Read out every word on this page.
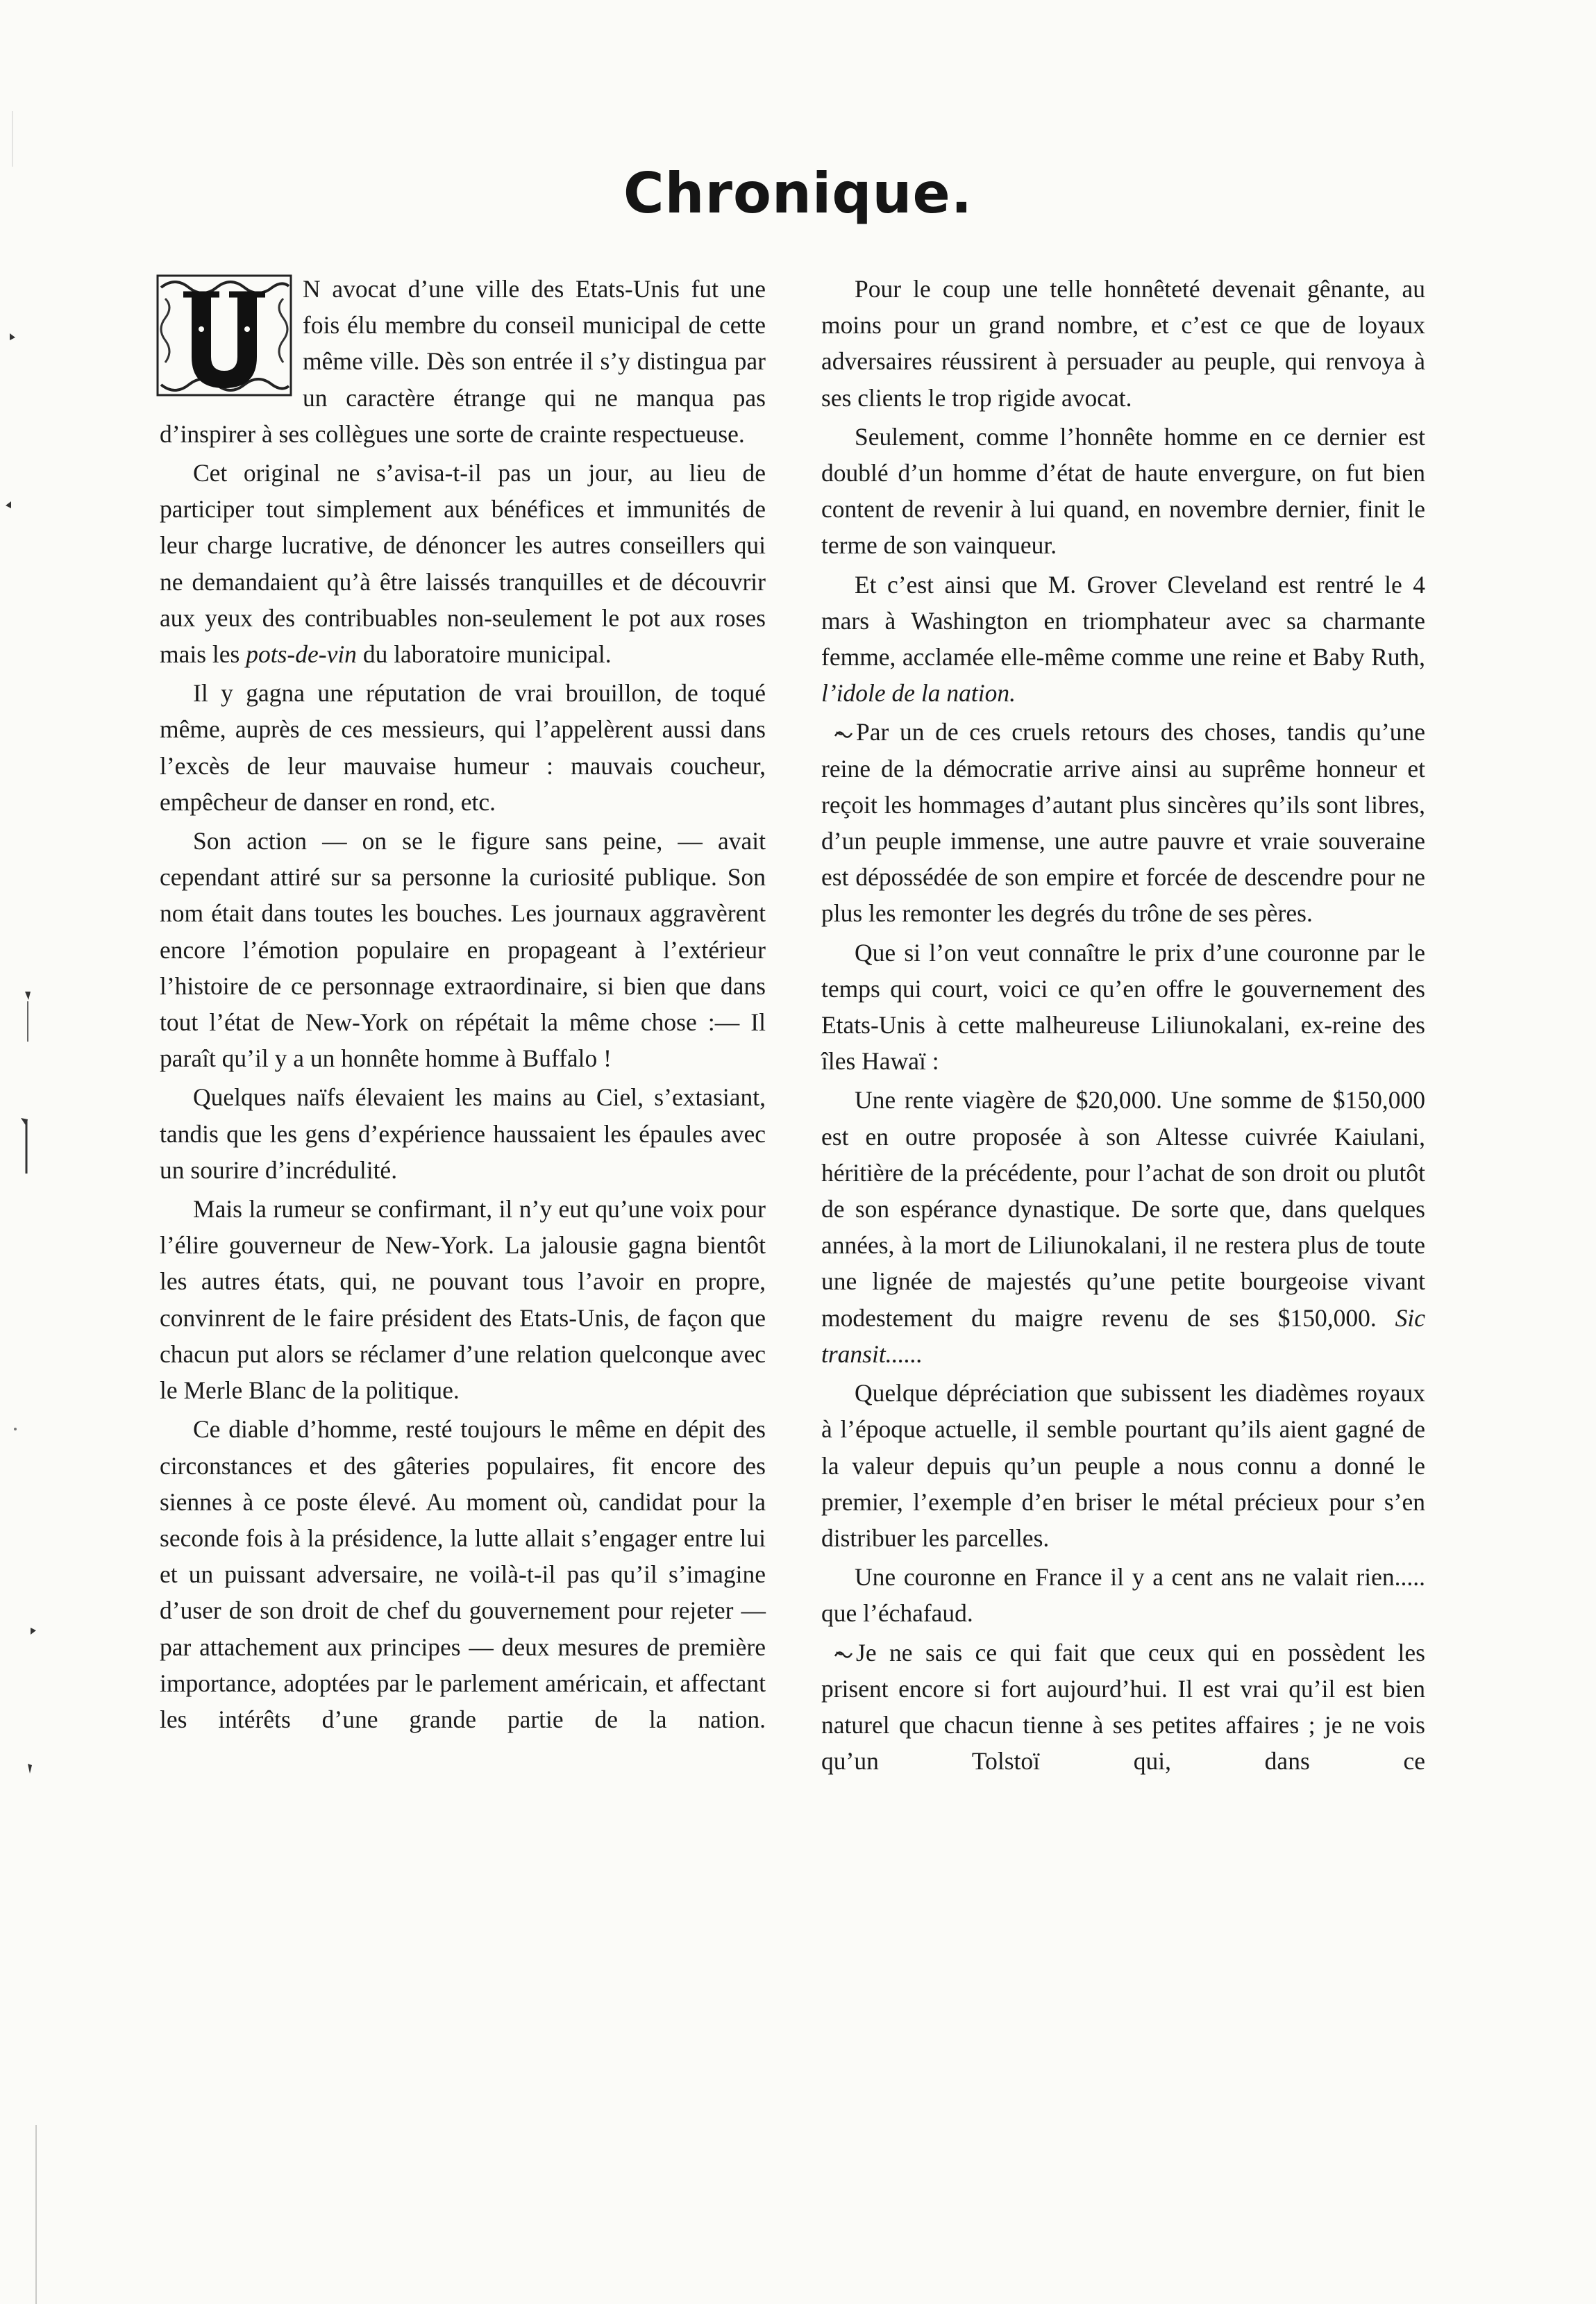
Chronique.

N avocat d’une ville des Etats-Unis fut une fois élu membre du conseil municipal de cette même ville. Dès son entrée il s’y distingua par un caractère étrange qui ne manqua pas d’inspirer à ses collègues une sorte de crainte respectueuse.

Cet original ne s’avisa-t-il pas un jour, au lieu de participer tout simplement aux bénéfices et immunités de leur charge lucrative, de dénoncer les autres conseillers qui ne demandaient qu’à être laissés tranquilles et de découvrir aux yeux des contribuables non-seulement le pot aux roses mais les pots-de-vin du laboratoire municipal.

Il y gagna une réputation de vrai brouillon, de toqué même, auprès de ces messieurs, qui l’appelèrent aussi dans l’excès de leur mauvaise humeur : mauvais coucheur, empêcheur de danser en rond, etc.

Son action — on se le figure sans peine, — avait cependant attiré sur sa personne la curiosité publique. Son nom était dans toutes les bouches. Les journaux aggravèrent encore l’émotion populaire en propageant à l’extérieur l’histoire de ce personnage extraordinaire, si bien que dans tout l’état de New-York on répétait la même chose :— Il paraît qu’il y a un honnête homme à Buffalo !

Quelques naïfs élevaient les mains au Ciel, s’extasiant, tandis que les gens d’expérience haussaient les épaules avec un sourire d’incrédulité.

Mais la rumeur se confirmant, il n’y eut qu’une voix pour l’élire gouverneur de New-York. La jalousie gagna bientôt les autres états, qui, ne pouvant tous l’avoir en propre, convinrent de le faire président des Etats-Unis, de façon que chacun put alors se réclamer d’une relation quelconque avec le Merle Blanc de la politique.

Ce diable d’homme, resté toujours le même en dépit des circonstances et des gâteries populaires, fit encore des siennes à ce poste élevé. Au moment où, candidat pour la seconde fois à la présidence, la lutte allait s’engager entre lui et un puissant adversaire, ne voilà-t-il pas qu’il s’imagine d’user de son droit de chef du gouvernement pour rejeter — par attachement aux principes — deux mesures de première importance, adoptées par le parlement américain, et affectant les intérêts d’une grande partie de la nation.

Pour le coup une telle honnêteté devenait gênante, au moins pour un grand nombre, et c’est ce que de loyaux adversaires réussirent à persuader au peuple, qui renvoya à ses clients le trop rigide avocat.

Seulement, comme l’honnête homme en ce dernier est doublé d’un homme d’état de haute envergure, on fut bien content de revenir à lui quand, en novembre dernier, finit le terme de son vainqueur.

Et c’est ainsi que M. Grover Cleveland est rentré le 4 mars à Washington en triomphateur avec sa charmante femme, acclamée elle-même comme une reine et Baby Ruth, l’idole de la nation.

Par un de ces cruels retours des choses, tandis qu’une reine de la démocratie arrive ainsi au suprême honneur et reçoit les hommages d’autant plus sincères qu’ils sont libres, d’un peuple immense, une autre pauvre et vraie souveraine est dépossédée de son empire et forcée de descendre pour ne plus les remonter les degrés du trône de ses pères.

Que si l’on veut connaître le prix d’une couronne par le temps qui court, voici ce qu’en offre le gouvernement des Etats-Unis à cette malheureuse Liliunokalani, ex-reine des îles Hawaï :

Une rente viagère de $20,000. Une somme de $150,000 est en outre proposée à son Altesse cuivrée Kaiulani, héritière de la précédente, pour l’achat de son droit ou plutôt de son espérance dynastique. De sorte que, dans quelques années, à la mort de Liliunokalani, il ne restera plus de toute une lignée de majestés qu’une petite bourgeoise vivant modestement du maigre revenu de ses $150,000. Sic transit......

Quelque dépréciation que subissent les diadèmes royaux à l’époque actuelle, il semble pourtant qu’ils aient gagné de la valeur depuis qu’un peuple a nous connu a donné le premier, l’exemple d’en briser le métal précieux pour s’en distribuer les parcelles.

Une couronne en France il y a cent ans ne valait rien..... que l’échafaud.

Je ne sais ce qui fait que ceux qui en possèdent les prisent encore si fort aujourd’hui. Il est vrai qu’il est bien naturel que chacun tienne à ses petites affaires ; je ne vois qu’un Tolstoï qui, dans ce
